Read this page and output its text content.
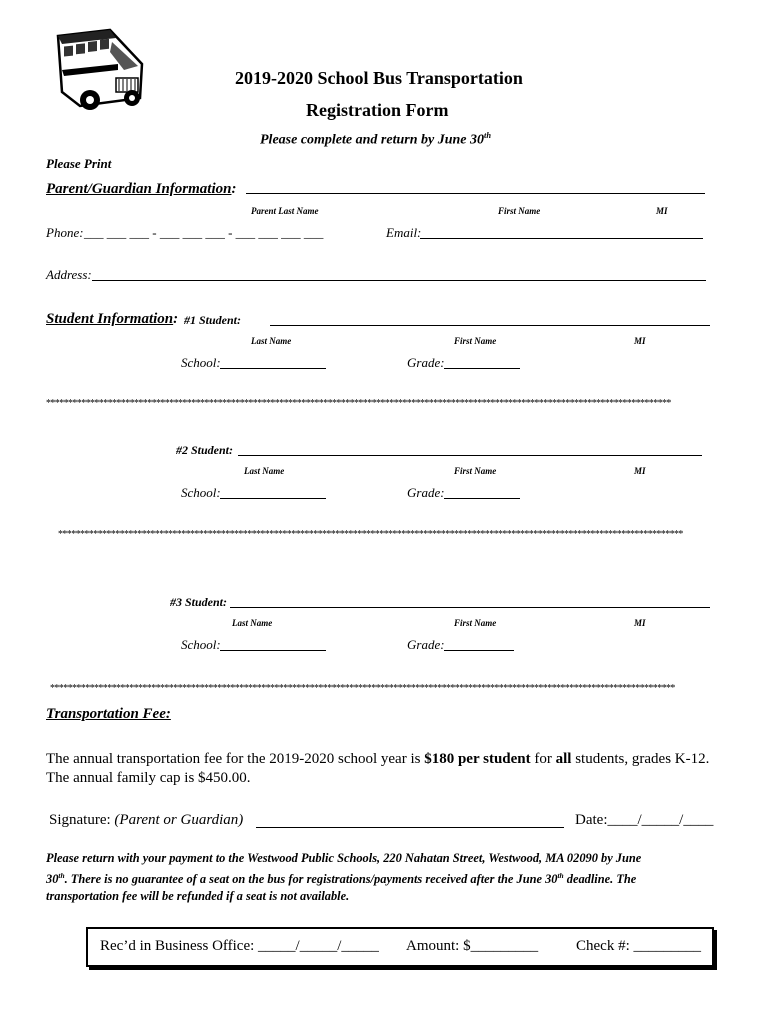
2019-2020 School Bus Transportation
Registration Form
Please complete and return by June 30th
Please Print
Parent/Guardian Information:
Parent Last Name	First Name	MI
Phone: ___ ___ ___ - ___ ___ ___ - ___ ___ ___ ___	Email:
Address:
Student Information: #1 Student:
Last Name	First Name	MI
School:	Grade:
**********************************************************************************************************************************************
#2 Student:
Last Name	First Name	MI
School:	Grade:
**********************************************************************************************************************************************
#3 Student:
Last Name	First Name	MI
School:	Grade:
**********************************************************************************************************************************************
Transportation Fee:
The annual transportation fee for the 2019-2020 school year is $180 per student for all students, grades K-12.
The annual family cap is $450.00.
Signature: (Parent or Guardian)	Date:____/_____/____
Please return with your payment to the Westwood Public Schools, 220 Nahatan Street, Westwood, MA 02090 by June
30th. There is no guarantee of a seat on the bus for registrations/payments received after the June 30th deadline. The
transportation fee will be refunded if a seat is not available.
Rec’d in Business Office: _____/_____/_____ Amount: $_________	Check #: _________
